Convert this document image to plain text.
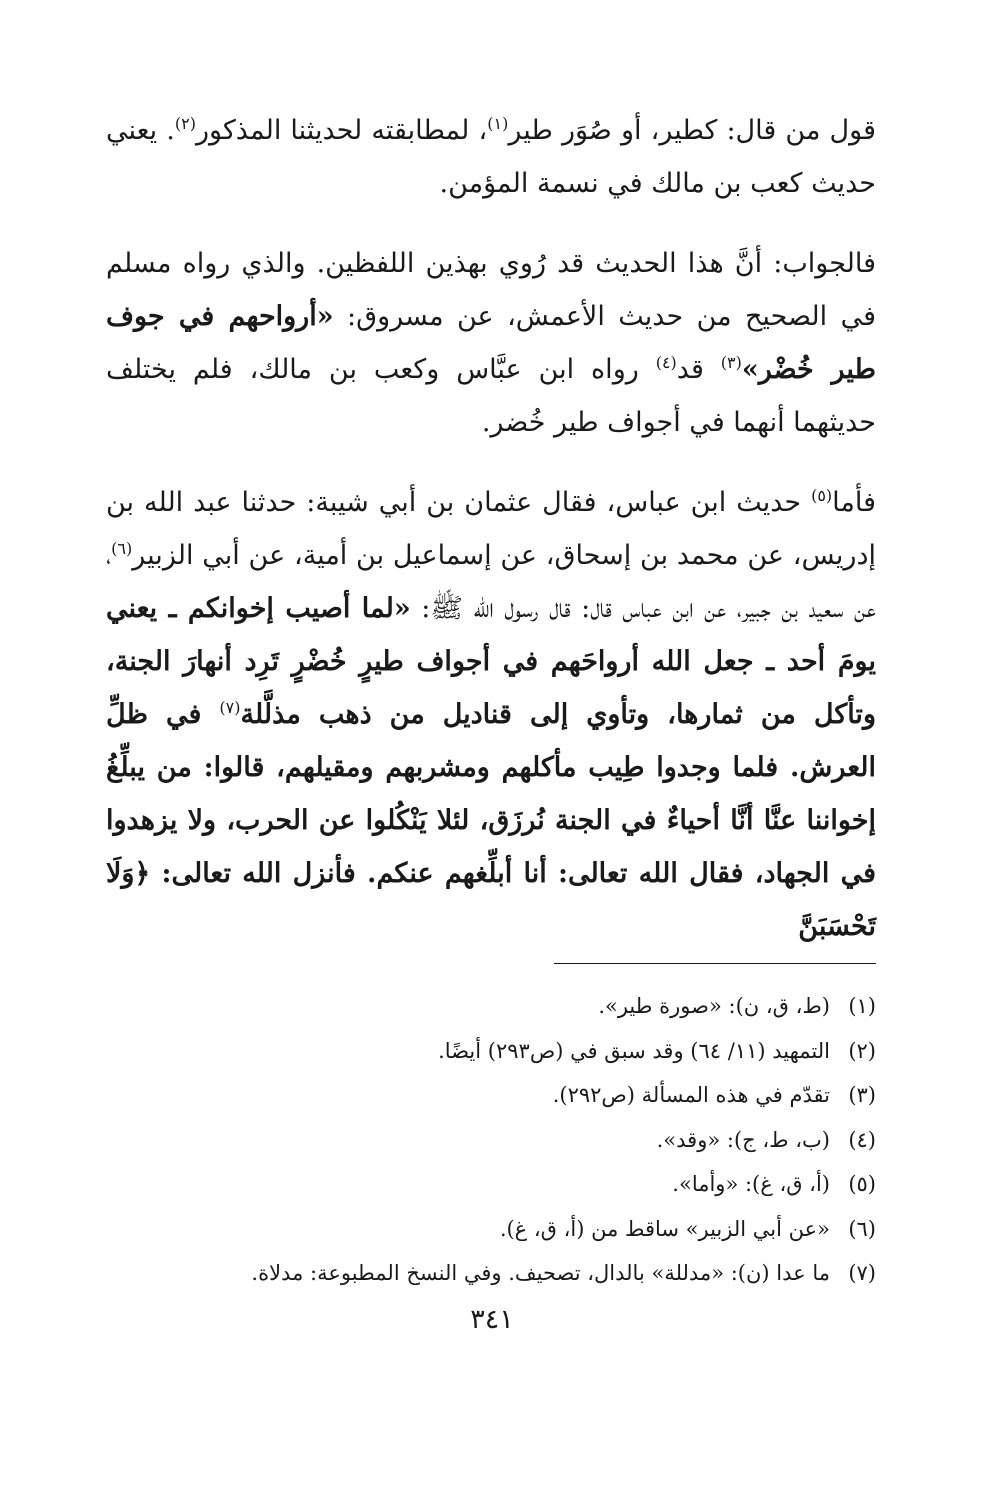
قول من قال: كطير، أو صُوَر طير$^{(١)}$، لمطابقته لحديثنا المذكور$^{(٢)}$. يعني حديث كعب بن مالك في نسمة المؤمن.

فالجواب: أنَّ هذا الحديث قد رُوي بهذين اللفظين. والذي رواه مسلم في الصحيح من حديث الأعمش، عن مسروق: «أرواحهم في جوف طير خُضْر»$^{(٣)}$ قد$^{(٤)}$ رواه ابن عبَّاس وكعب بن مالك، فلم يختلف حديثهما أنهما في أجواف طير خُضر.

فأما$^{(٥)}$ حديث ابن عباس، فقال عثمان بن أبي شيبة: حدثنا عبد الله بن إدريس، عن محمد بن إسحاق، عن إسماعيل بن أمية، عن أبي الزبير$^{(٦)}$، عن سعيد بن جبير، عن ابن عباس قال: قال رسول الله ﷺ: «لما أصيب إخوانكم ـ يعني يومَ أحد ـ جعل الله أرواحَهم في أجواف طيرٍ خُضْرٍ تَرِد أنهارَ الجنة، وتأكل من ثمارها، وتأوي إلى قناديل من ذهب مذلَّلة$^{(٧)}$ في ظلِّ العرش. فلما وجدوا طِيب مأكلهم ومشربهم ومقيلهم، قالوا: من يبلِّغُ إخواننا عنَّا أنَّا أحياءٌ في الجنة نُرزَق، لئلا يَنْكُلوا عن الحرب، ولا يزهدوا في الجهاد، فقال الله تعالى: أنا أبلِّغهم عنكم. فأنزل الله تعالى: ﴿وَلَا تَحْسَبَنَّ

(١)(ط، ق، ن): «صورة طير».
(٢)التمهيد (١١/ ٦٤) وقد سبق في (ص٢٩٣) أيضًا.
(٣)تقدّم في هذه المسألة (ص٢٩٢).
(٤)(ب، ط، ج): «وقد».
(٥)(أ، ق، غ): «وأما».
(٦)«عن أبي الزبير» ساقط من (أ، ق، غ).
(٧)ما عدا (ن): «مدللة» بالدال، تصحيف. وفي النسخ المطبوعة: مدلاة.
٣٤١
